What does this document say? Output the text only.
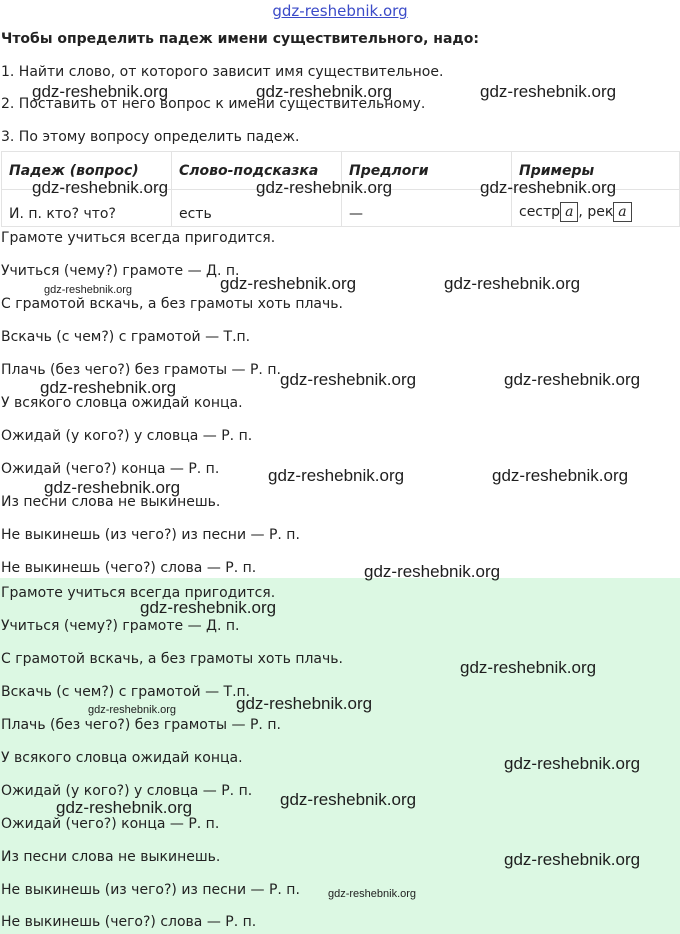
gdz-reshebnik.org
Чтобы определить падеж имени существительного, надо:
1. Найти слово, от которого зависит имя существительное.
2. Поставить от него вопрос к имени существительному.
3. По этому вопросу определить падеж.
Падеж (вопрос)	Слово-подсказка	Предлоги	Примеры
И. п. кто? что?	есть	—	сестр а , рек а
Грамоте учиться всегда пригодится.
Учиться (чему?) грамоте — Д. п.
С грамотой вскачь, а без грамоты хоть плачь.
Вскачь (с чем?) с грамотой — Т.п.
Плачь (без чего?) без грамоты — Р. п.
У всякого словца ожидай конца.
Ожидай (у кого?) у словца — Р. п.
Ожидай (чего?) конца — Р. п.
Из песни слова не выкинешь.
Не выкинешь (из чего?) из песни — Р. п.
Не выкинешь (чего?) слова — Р. п.
Грамоте учиться всегда пригодится.
Учиться (чему?) грамоте — Д. п.
С грамотой вскачь, а без грамоты хоть плачь.
Вскачь (с чем?) с грамотой — Т.п.
Плачь (без чего?) без грамоты — Р. п.
У всякого словца ожидай конца.
Ожидай (у кого?) у словца — Р. п.
Ожидай (чего?) конца — Р. п.
Из песни слова не выкинешь.
Не выкинешь (из чего?) из песни — Р. п.
Не выкинешь (чего?) слова — Р. п.
gdz-reshebnik.org	gdz-reshebnik.org	gdz-reshebnik.org
gdz-reshebnik.org	gdz-reshebnik.org	gdz-reshebnik.org
gdz-reshebnik.org	gdz-reshebnik.org
gdz-reshebnik.org
gdz-reshebnik.org	gdz-reshebnik.org	gdz-reshebnik.org
gdz-reshebnik.org
gdz-reshebnik.org	gdz-reshebnik.org
gdz-reshebnik.org
gdz-reshebnik.org
gdz-reshebnik.org
gdz-reshebnik.org
gdz-reshebnik.org
gdz-reshebnik.org
gdz-reshebnik.org	gdz-reshebnik.org
gdz-reshebnik.org
gdz-reshebnik.org
